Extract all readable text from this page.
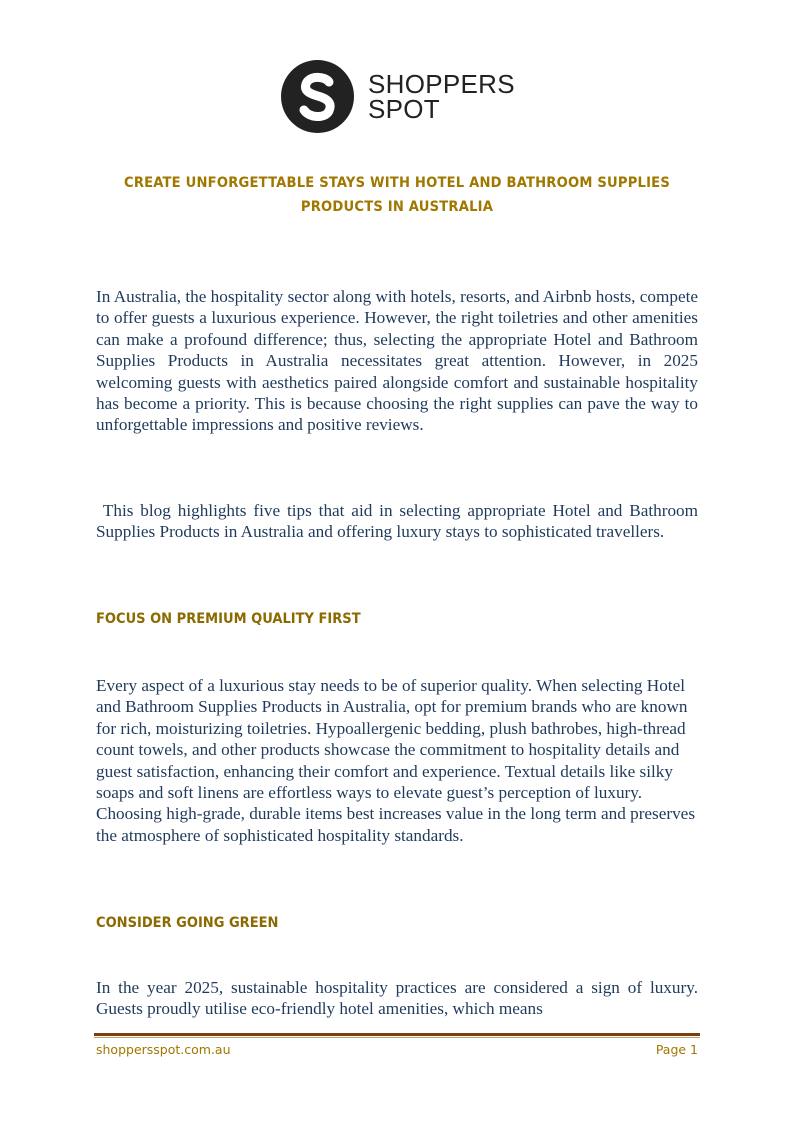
SHOPPERS
SPOT
CREATE UNFORGETTABLE STAYS WITH HOTEL AND BATHROOM SUPPLIES PRODUCTS IN AUSTRALIA

In Australia, the hospitality sector along with hotels, resorts, and Airbnb hosts, compete to offer guests a luxurious experience. However, the right toiletries and other amenities can make a profound difference; thus, selecting the appropriate Hotel and Bathroom Supplies Products in Australia necessitates great attention. However, in 2025 welcoming guests with aesthetics paired alongside comfort and sustainable hospitality has become a priority. This is because choosing the right supplies can pave the way to unforgettable impressions and positive reviews.

This blog highlights five tips that aid in selecting appropriate Hotel and Bathroom Supplies Products in Australia and offering luxury stays to sophisticated travellers.

FOCUS ON PREMIUM QUALITY FIRST

Every aspect of a luxurious stay needs to be of superior quality. When selecting Hotel and Bathroom Supplies Products in Australia, opt for premium brands who are known for rich, moisturizing toiletries. Hypoallergenic bedding, plush bathrobes, high-thread count towels, and other products showcase the commitment to hospitality details and guest satisfaction, enhancing their comfort and experience. Textual details like silky soaps and soft linens are effortless ways to elevate guest’s perception of luxury. Choosing high-grade, durable items best increases value in the long term and preserves the atmosphere of sophisticated hospitality standards.

CONSIDER GOING GREEN

In the year 2025, sustainable hospitality practices are considered a sign of luxury. Guests proudly utilise eco-friendly hotel amenities, which means

shoppersspot.com.au	Page 1
